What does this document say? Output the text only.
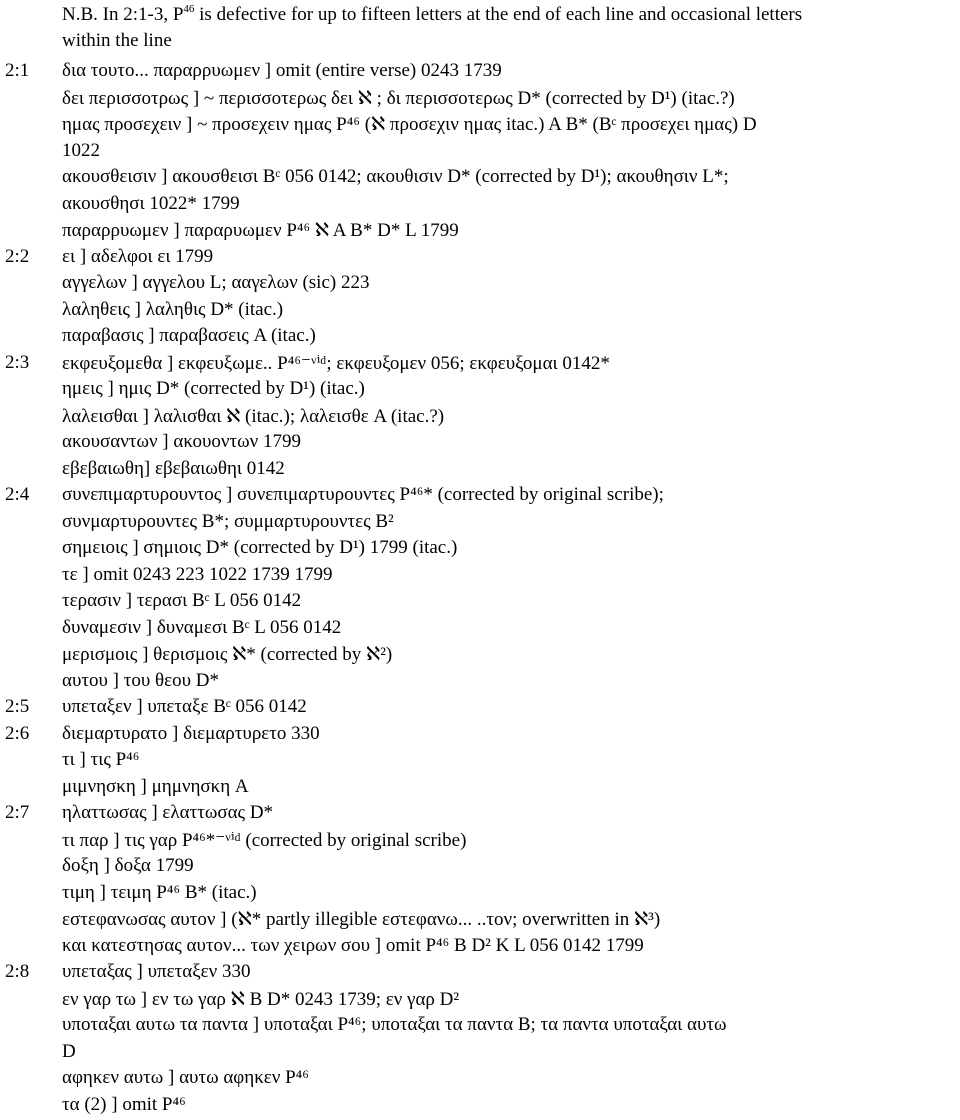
N.B. In 2:1-3, $P^{46}$ is defective for up to fifteen letters at the end of each line and occasional letters
within the line
2:1 δια τουτο... παραρρυωμεν ] omit (entire verse) 0243 1739
δει περισσοτρως ] ~ περισσοτερως δει ℵ ; δι περισσοτερως D* (corrected by D¹) (itac.?)
ημας προσεχειν ] ~ προσεχειν ημας P⁴⁶ (ℵ προσεχιν ημας itac.) A B* (Bᶜ προσεχει ημας) D
1022
ακουσθεισιν ] ακουσθεισι Bᶜ 056 0142; ακουθισιν D* (corrected by D¹); ακουθησιν L*;
ακουσθησι 1022* 1799
παραρρυωμεν ] παραρυωμεν P⁴⁶ ℵ A B* D* L 1799
2:2 ει ] αδελφοι ει 1799
αγγελων ] αγγελου L; ααγελων (sic) 223
λαληθεις ] λαληθις D* (itac.)
παραβασις ] παραβασεις A (itac.)
2:3 εκφευξομεθα ] εκφευξωμε.. P⁴⁶⁻ᵛⁱᵈ; εκφευξομεν 056; εκφευξομαι 0142*
ημεις ] ημις D* (corrected by D¹) (itac.)
λαλεισθαι ] λαλισθαι ℵ (itac.); λαλεισθε A (itac.?)
ακουσαντων ] ακουοντων 1799
εβεβαιωθη] εβεβαιωθηι 0142
2:4 συνεπιμαρτυρουντος ] συνεπιμαρτυρουντες P⁴⁶* (corrected by original scribe);
συνμαρτυρουντες B*; συμμαρτυρουντες B²
σημειοις ] σημιοις D* (corrected by D¹) 1799 (itac.)
τε ] omit 0243 223 1022 1739 1799
τερασιν ] τερασι Bᶜ L 056 0142
δυναμεσιν ] δυναμεσι Bᶜ L 056 0142
μερισμοις ] θερισμοις ℵ* (corrected by ℵ²)
αυτου ] του θεου D*
2:5 υπεταξεν ] υπεταξε Bᶜ 056 0142
2:6 διεμαρτυρατο ] διεμαρτυρετο 330
τι ] τις P⁴⁶
μιμνησκη ] μημνησκη A
2:7 ηλαττωσας ] ελαττωσας D*
τι παρ ] τις γαρ P⁴⁶*⁻ᵛⁱᵈ (corrected by original scribe)
δοξη ] δοξα 1799
τιμη ] τειμη P⁴⁶ B* (itac.)
εστεφανωσας αυτον ] (ℵ* partly illegible εστεφανω... ..τον; overwritten in ℵ³)
και κατεστησας αυτον... των χειρων σου ] omit P⁴⁶ B D² K L 056 0142 1799
2:8 υπεταξας ] υπεταξεν 330
εν γαρ τω ] εν τω γαρ ℵ B D* 0243 1739; εν γαρ D²
υποταξαι αυτω τα παντα ] υποταξαι P⁴⁶; υποταξαι τα παντα B; τα παντα υποταξαι αυτω
D
αφηκεν αυτω ] αυτω αφηκεν P⁴⁶
τα (2) ] omit P⁴⁶
